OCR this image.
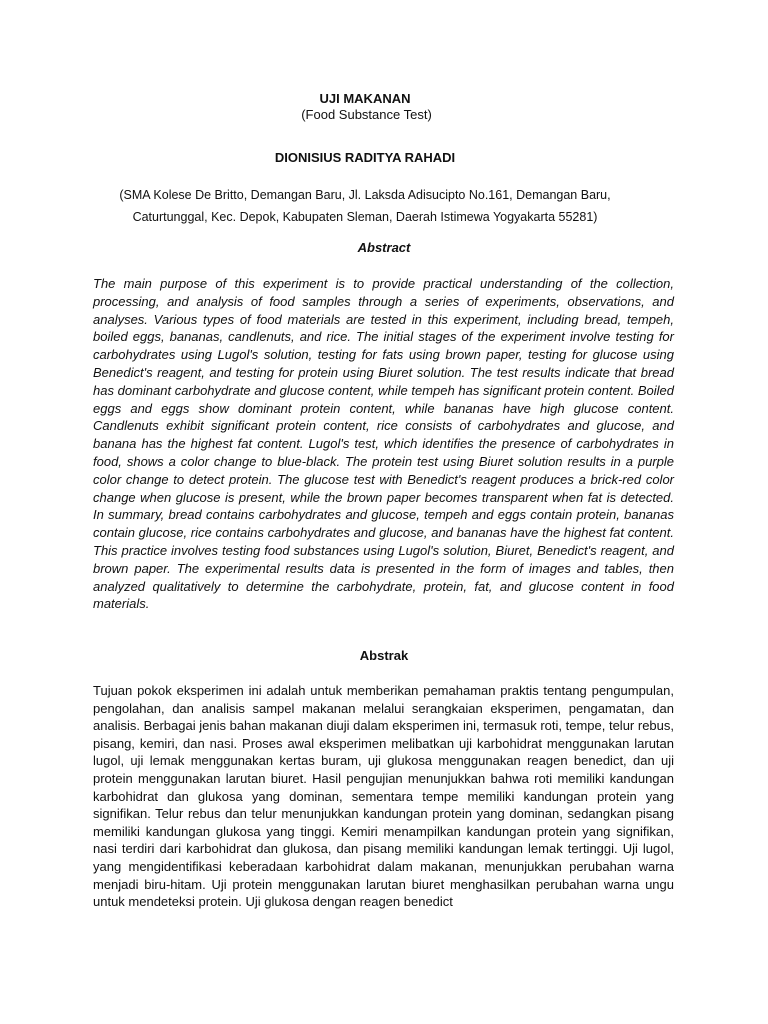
UJI MAKANAN
(Food Substance Test)
DIONISIUS RADITYA RAHADI
(SMA Kolese De Britto, Demangan Baru, Jl. Laksda Adisucipto No.161, Demangan Baru, Caturtunggal, Kec. Depok, Kabupaten Sleman, Daerah Istimewa Yogyakarta 55281)
Abstract

The main purpose of this experiment is to provide practical understanding of the collection, processing, and analysis of food samples through a series of experiments, observations, and analyses. Various types of food materials are tested in this experiment, including bread, tempeh, boiled eggs, bananas, candlenuts, and rice. The initial stages of the experiment involve testing for carbohydrates using Lugol's solution, testing for fats using brown paper, testing for glucose using Benedict's reagent, and testing for protein using Biuret solution. The test results indicate that bread has dominant carbohydrate and glucose content, while tempeh has significant protein content. Boiled eggs and eggs show dominant protein content, while bananas have high glucose content. Candlenuts exhibit significant protein content, rice consists of carbohydrates and glucose, and banana has the highest fat content. Lugol's test, which identifies the presence of carbohydrates in food, shows a color change to blue-black. The protein test using Biuret solution results in a purple color change to detect protein. The glucose test with Benedict's reagent produces a brick-red color change when glucose is present, while the brown paper becomes transparent when fat is detected. In summary, bread contains carbohydrates and glucose, tempeh and eggs contain protein, bananas contain glucose, rice contains carbohydrates and glucose, and bananas have the highest fat content. This practice involves testing food substances using Lugol's solution, Biuret, Benedict's reagent, and brown paper. The experimental results data is presented in the form of images and tables, then analyzed qualitatively to determine the carbohydrate, protein, fat, and glucose content in food materials.

Abstrak

Tujuan pokok eksperimen ini adalah untuk memberikan pemahaman praktis tentang pengumpulan, pengolahan, dan analisis sampel makanan melalui serangkaian eksperimen, pengamatan, dan analisis. Berbagai jenis bahan makanan diuji dalam eksperimen ini, termasuk roti, tempe, telur rebus, pisang, kemiri, dan nasi. Proses awal eksperimen melibatkan uji karbohidrat menggunakan larutan lugol, uji lemak menggunakan kertas buram, uji glukosa menggunakan reagen benedict, dan uji protein menggunakan larutan biuret. Hasil pengujian menunjukkan bahwa roti memiliki kandungan karbohidrat dan glukosa yang dominan, sementara tempe memiliki kandungan protein yang signifikan. Telur rebus dan telur menunjukkan kandungan protein yang dominan, sedangkan pisang memiliki kandungan glukosa yang tinggi. Kemiri menampilkan kandungan protein yang signifikan, nasi terdiri dari karbohidrat dan glukosa, dan pisang memiliki kandungan lemak tertinggi. Uji lugol, yang mengidentifikasi keberadaan karbohidrat dalam makanan, menunjukkan perubahan warna menjadi biru-hitam. Uji protein menggunakan larutan biuret menghasilkan perubahan warna ungu untuk mendeteksi protein. Uji glukosa dengan reagen benedict
